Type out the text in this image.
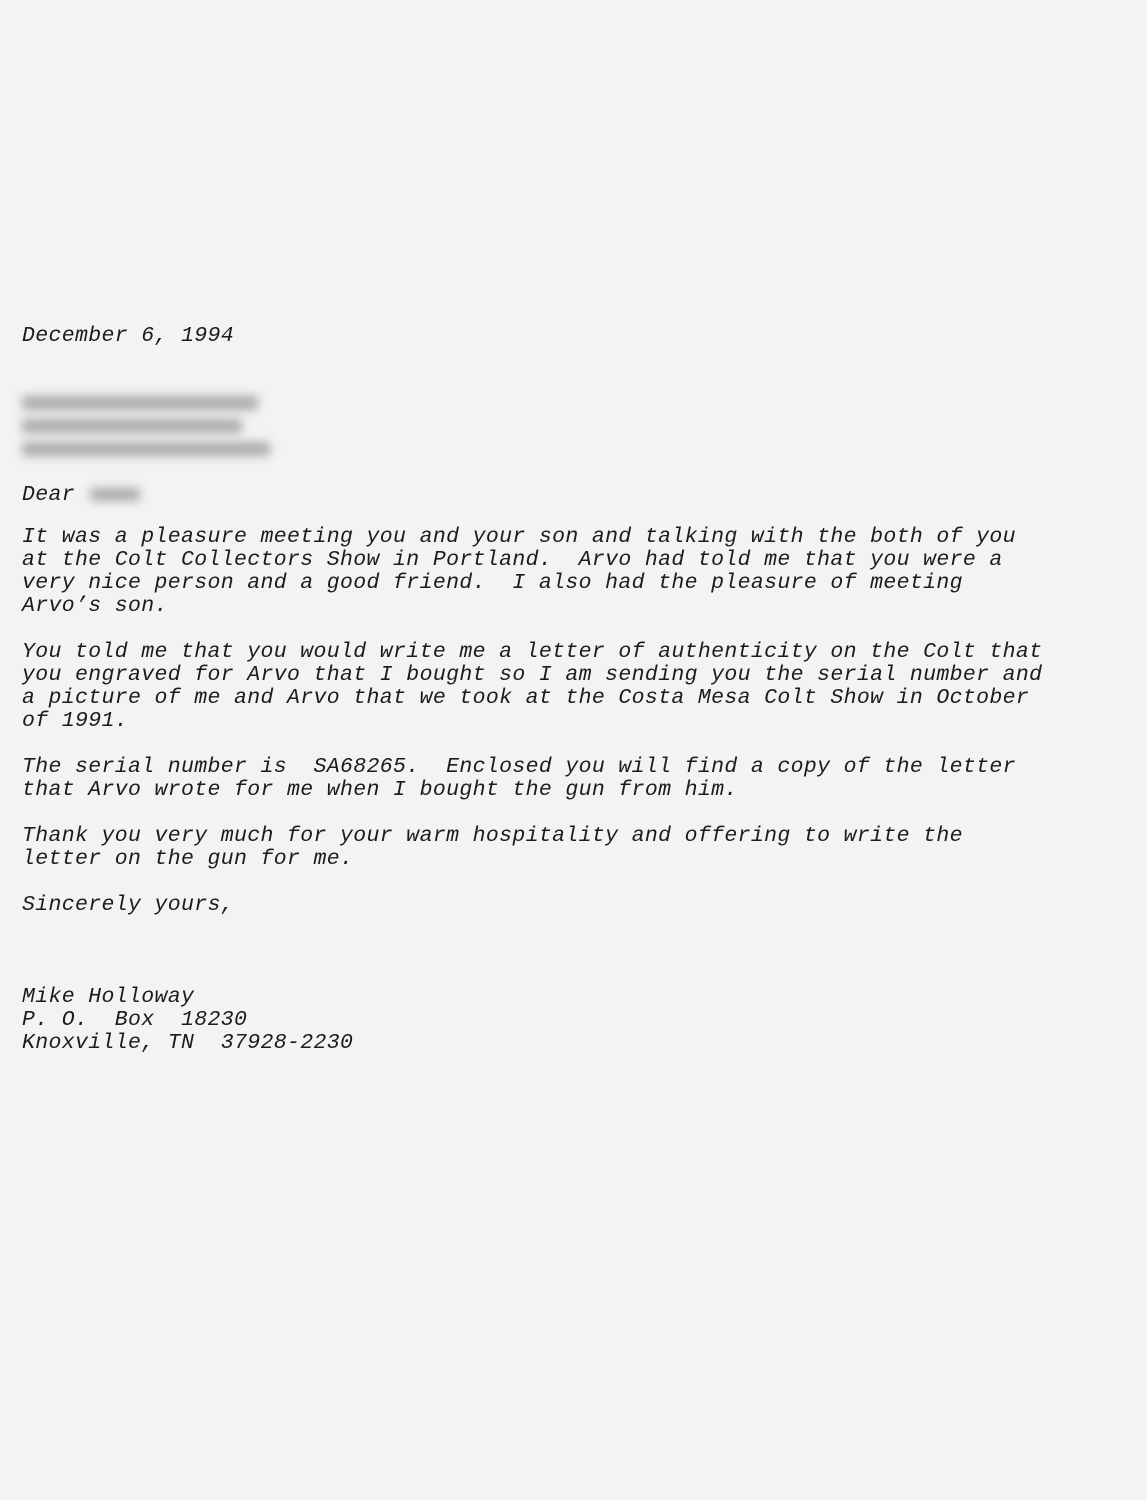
December 6, 1994
Dear
It was a pleasure meeting you and your son and talking with the both of you
at the Colt Collectors Show in Portland.  Arvo had told me that you were a
very nice person and a good friend.  I also had the pleasure of meeting
Arvo’s son.
You told me that you would write me a letter of authenticity on the Colt that
you engraved for Arvo that I bought so I am sending you the serial number and
a picture of me and Arvo that we took at the Costa Mesa Colt Show in October
of 1991.
The serial number is  SA68265.  Enclosed you will find a copy of the letter
that Arvo wrote for me when I bought the gun from him.
Thank you very much for your warm hospitality and offering to write the
letter on the gun for me.
Sincerely yours,
Mike Holloway
P. O.  Box  18230
Knoxville, TN  37928-2230
